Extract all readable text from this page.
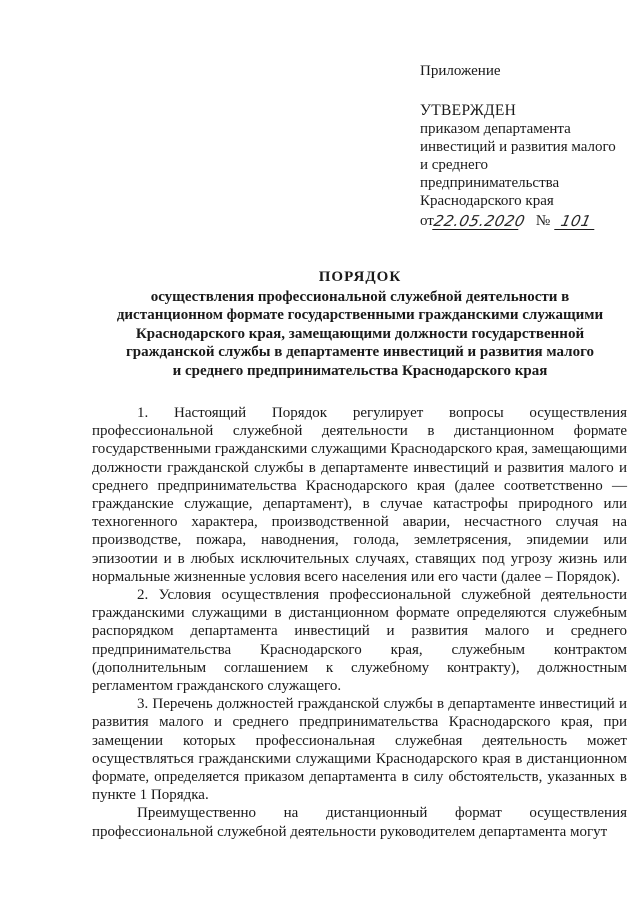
Приложение
УТВЕРЖДЕН
приказом департамента
инвестиций и развития малого
и среднего
предпринимательства
Краснодарского края
от
22.05.2020 № 101
ПОРЯДОК
осуществления профессиональной служебной деятельности в
дистанционном формате государственными гражданскими служащими
Краснодарского края, замещающими должности государственной
гражданской службы в департаменте инвестиций и развития малого
и среднего предпринимательства Краснодарского края

1. Настоящий Порядок регулирует вопросы осуществления профессиональной служебной деятельности в дистанционном формате государственными гражданскими служащими Краснодарского края, замещающими должности гражданской службы в департаменте инвестиций и развития малого и среднего предпринимательства Краснодарского края (далее соответственно — гражданские служащие, департамент), в случае катастрофы природного или техногенного характера, производственной аварии, несчастного случая на производстве, пожара, наводнения, голода, землетрясения, эпидемии или эпизоотии и в любых исключительных случаях, ставящих под угрозу жизнь или нормальные жизненные условия всего населения или его части (далее – Порядок).

2. Условия осуществления профессиональной служебной деятельности гражданскими служащими в дистанционном формате определяются служебным распорядком департамента инвестиций и развития малого и среднего предпринимательства Краснодарского края, служебным контрактом (дополнительным соглашением к служебному контракту), должностным регламентом гражданского служащего.

3. Перечень должностей гражданской службы в департаменте инвестиций и развития малого и среднего предпринимательства Краснодарского края, при замещении которых профессиональная служебная деятельность может осуществляться гражданскими служащими Краснодарского края в дистанционном формате, определяется приказом департамента в силу обстоятельств, указанных в пункте 1 Порядка.

Преимущественно на дистанционный формат осуществления профессиональной служебной деятельности руководителем департамента могут
